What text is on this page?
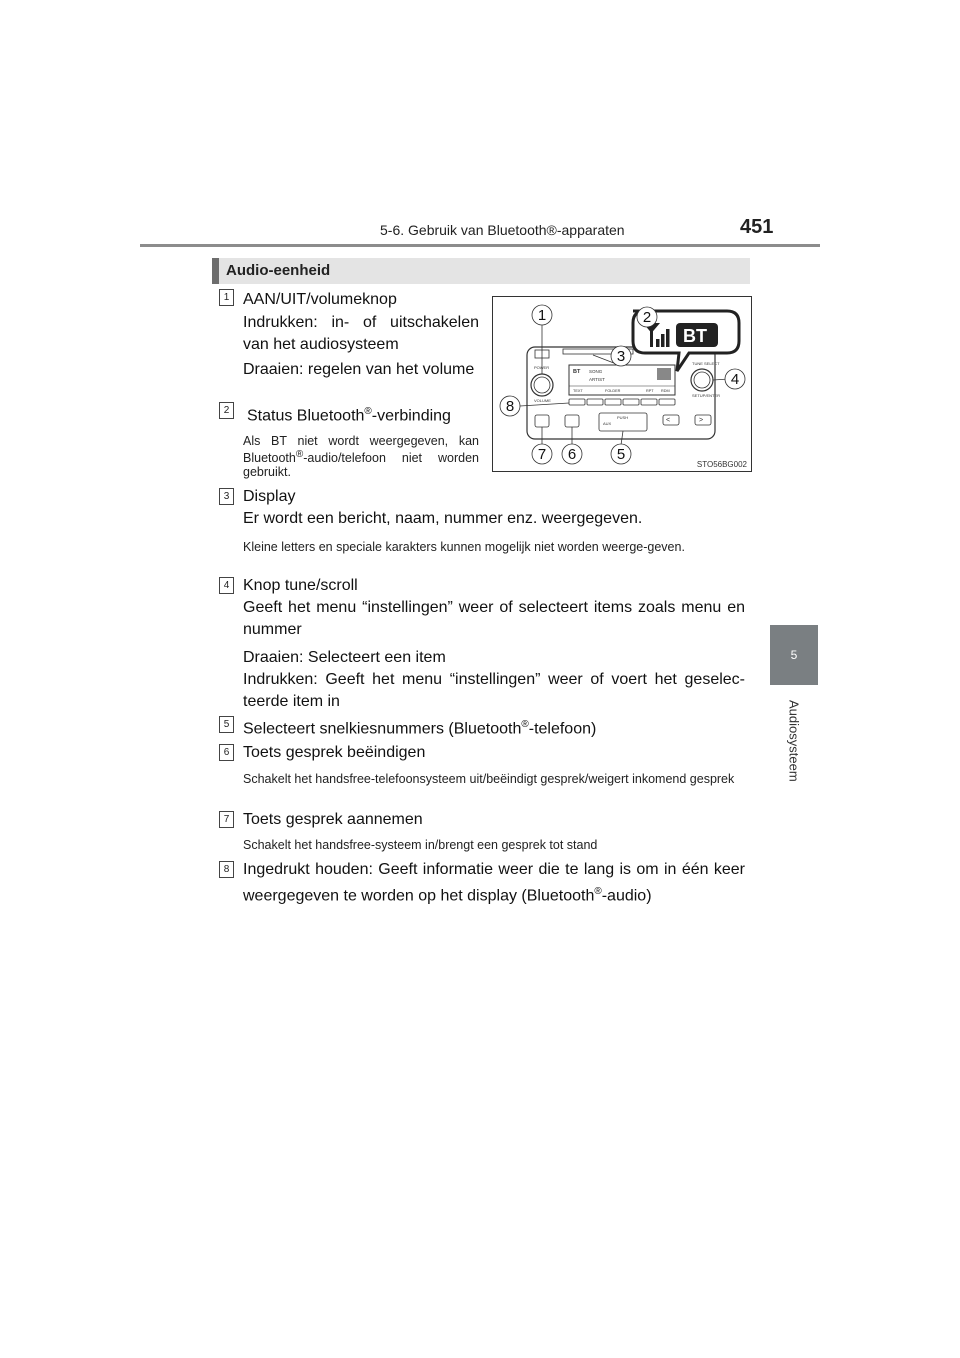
5-6. Gebruik van Bluetooth®-apparaten	451
5
Audiosysteem
Audio-eenheid
POWER
VOLUME
TUNE SELECT
SETUP/ENTER
BT SONG
ARTIST
TEXT	FOLDER	RPT RDM
AUX
PUSH	<	>
BT
1	2
3
4
5
6
7
8
STO56BG002
1 AAN/UIT/volumeknop
Indrukken: in- of uitschakelen van het audiosysteem
Draaien: regelen van het volume
2 Status Bluetooth®-verbinding
Als BT niet wordt weergegeven, kan Bluetooth®-audio/telefoon niet worden gebruikt.
3 Display
Er wordt een bericht, naam, nummer enz. weergegeven.
Kleine letters en speciale karakters kunnen mogelijk niet worden weerge-geven.
4 Knop tune/scroll
Geeft het menu “instellingen” weer of selecteert items zoals menu en nummer
Draaien: Selecteert een item
Indrukken: Geeft het menu “instellingen” weer of voert het geselec-teerde item in
5 Selecteert snelkiesnummers (Bluetooth®-telefoon)
6 Toets gesprek beëindigen
Schakelt het handsfree-telefoonsysteem uit/beëindigt gesprek/weigert inkomend gesprek
7 Toets gesprek aannemen
Schakelt het handsfree-systeem in/brengt een gesprek tot stand
8 Ingedrukt houden: Geeft informatie weer die te lang is om in één keer weergegeven te worden op het display (Bluetooth®-audio)
